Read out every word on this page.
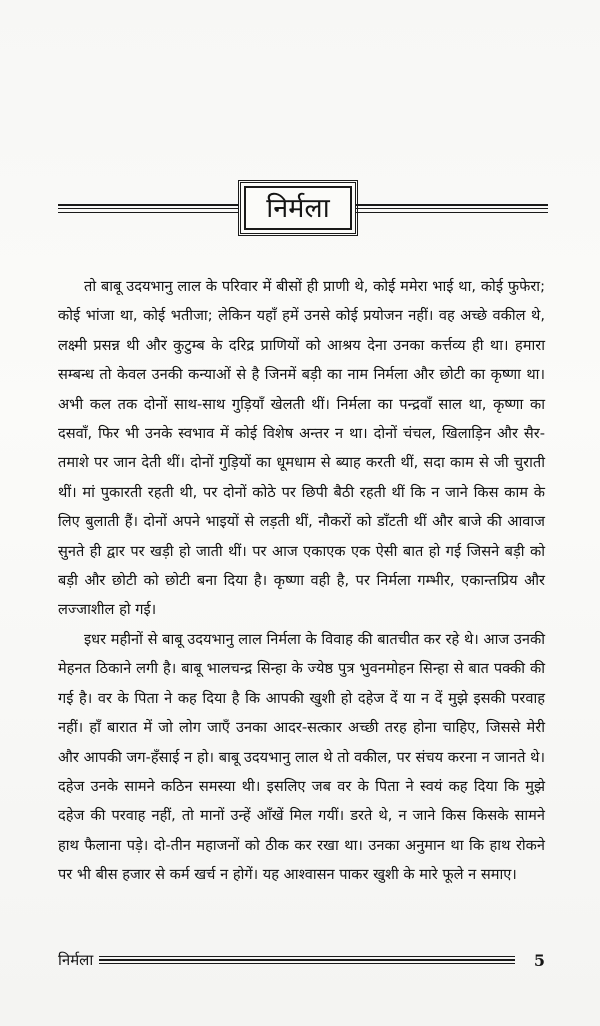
निर्मला

तो बाबू उदयभानु लाल के परिवार में बीसों ही प्राणी थे, कोई ममेरा भाई था, कोई फुफेरा; कोई भांजा था, कोई भतीजा; लेकिन यहाँ हमें उनसे कोई प्रयोजन नहीं। वह अच्छे वकील थे, लक्ष्मी प्रसन्न थी और कुटुम्ब के दरिद्र प्राणियों को आश्रय देना उनका कर्त्तव्य ही था। हमारा सम्बन्ध तो केवल उनकी कन्याओं से है जिनमें बड़ी का नाम निर्मला और छोटी का कृष्णा था। अभी कल तक दोनों साथ-साथ गुड़ियाँ खेलती थीं। निर्मला का पन्द्रवाँ साल था, कृष्णा का दसवाँ, फिर भी उनके स्वभाव में कोई विशेष अन्तर न था। दोनों चंचल, खिलाड़िन और सैर-तमाशे पर जान देती थीं। दोनों गुड़ियों का धूमधाम से ब्याह करती थीं, सदा काम से जी चुराती थीं। मां पुकारती रहती थी, पर दोनों कोठे पर छिपी बैठी रहती थीं कि न जाने किस काम के लिए बुलाती हैं। दोनों अपने भाइयों से लड़ती थीं, नौकरों को डाँटती थीं और बाजे की आवाज सुनते ही द्वार पर खड़ी हो जाती थीं। पर आज एकाएक एक ऐसी बात हो गई जिसने बड़ी को बड़ी और छोटी को छोटी बना दिया है। कृष्णा वही है, पर निर्मला गम्भीर, एकान्तप्रिय और लज्जाशील हो गई।

इधर महीनों से बाबू उदयभानु लाल निर्मला के विवाह की बातचीत कर रहे थे। आज उनकी मेहनत ठिकाने लगी है। बाबू भालचन्द्र सिन्हा के ज्येष्ठ पुत्र भुवनमोहन सिन्हा से बात पक्की की गई है। वर के पिता ने कह दिया है कि आपकी खुशी हो दहेज दें या न दें मुझे इसकी परवाह नहीं। हाँ बारात में जो लोग जाएँ उनका आदर-सत्कार अच्छी तरह होना चाहिए, जिससे मेरी और आपकी जग-हँसाई न हो। बाबू उदयभानु लाल थे तो वकील, पर संचय करना न जानते थे। दहेज उनके सामने कठिन समस्या थी। इसलिए जब वर के पिता ने स्वयं कह दिया कि मुझे दहेज की परवाह नहीं, तो मानों उन्हें आँखें मिल गयीं। डरते थे, न जाने किस किसके सामने हाथ फैलाना पड़े। दो-तीन महाजनों को ठीक कर रखा था। उनका अनुमान था कि हाथ रोकने पर भी बीस हजार से कर्म खर्च न होगें। यह आश्वासन पाकर खुशी के मारे फूले न समाए।

निर्मला	5
